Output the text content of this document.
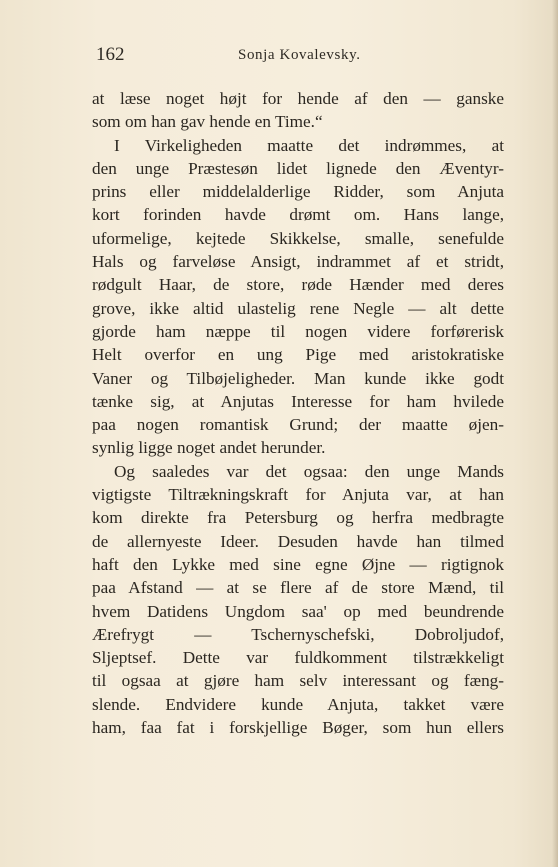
162	Sonja Kovalevsky.
at læse noget højt for hende af den — ganske
som om han gav hende en Time.“
I Virkeligheden maatte det indrømmes, at
den unge Præstesøn lidet lignede den Æventyr-
prins eller middelalderlige Ridder, som Anjuta
kort forinden havde drømt om. Hans lange,
uformelige, kejtede Skikkelse, smalle, senefulde
Hals og farveløse Ansigt, indrammet af et stridt,
rødgult Haar, de store, røde Hænder med deres
grove, ikke altid ulastelig rene Negle — alt dette
gjorde ham næppe til nogen videre forførerisk
Helt overfor en ung Pige med aristokratiske
Vaner og Tilbøjeligheder. Man kunde ikke godt
tænke sig, at Anjutas Interesse for ham hvilede
paa nogen romantisk Grund; der maatte øjen-
synlig ligge noget andet herunder.
Og saaledes var det ogsaa: den unge Mands
vigtigste Tiltrækningskraft for Anjuta var, at han
kom direkte fra Petersburg og herfra medbragte
de allernyeste Ideer. Desuden havde han tilmed
haft den Lykke med sine egne Øjne — rigtignok
paa Afstand — at se flere af de store Mænd, til
hvem Datidens Ungdom saa' op med beundrende
Ærefrygt — Tschernyschefski, Dobroljudof,
Sljeptsef. Dette var fuldkomment tilstrækkeligt
til ogsaa at gjøre ham selv interessant og fæng-
slende. Endvidere kunde Anjuta, takket være
ham, faa fat i forskjellige Bøger, som hun ellers
